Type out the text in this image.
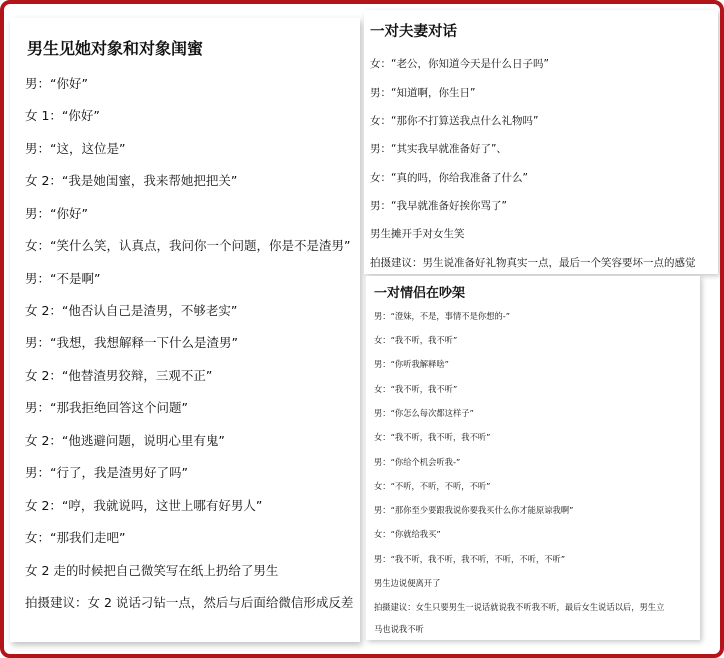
男生见她对象和对象闺蜜

男：“你好”

女 1：“你好”

男：“这，这位是”

女 2：“我是她闺蜜，我来帮她把把关”

男：“你好”

女：“笑什么笑，认真点，我问你一个问题，你是不是渣男”

男：“不是啊”

女 2：“他否认自己是渣男，不够老实”

男：“我想，我想解释一下什么是渣男”

女 2：“他替渣男狡辩，三观不正”

男：“那我拒绝回答这个问题”

女 2：“他逃避问题，说明心里有鬼”

男：“行了，我是渣男好了吗”

女 2：“哼，我就说吗，这世上哪有好男人”

女：“那我们走吧”

女 2 走的时候把自己微笑写在纸上扔给了男生

拍摄建议：女 2 说话刁钻一点，然后与后面给微信形成反差

一对夫妻对话

女：“老公，你知道今天是什么日子吗”

男：“知道啊，你生日”

女：“那你不打算送我点什么礼物吗”

男：“其实我早就准备好了”、

女：“真的吗，你给我准备了什么”

男：“我早就准备好挨你骂了”

男生摊开手对女生笑

拍摄建议：男生说准备好礼物真实一点，最后一个笑容要坏一点的感觉

一对情侣在吵架

男：“澄妹，不是，事情不是你想的-”

女：“我不听，我不听”

男：“你听我解释啥”

女：“我不听，我不听”

男：“你怎么每次都这样子”

女：“我不听，我不听，我不听”

男：“你给个机会听我-”

女：“不听，不听，不听，不听”

男：“那你至少要跟我说你要我买什么你才能原谅我啊”

女：“你就给我买”

男：“我不听，我不听，我不听，不听，不听，不听”

男生边说便离开了

拍摄建议：女生只要男生一说话就说我不听我不听，最后女生说话以后，男生立

马也说我不听
